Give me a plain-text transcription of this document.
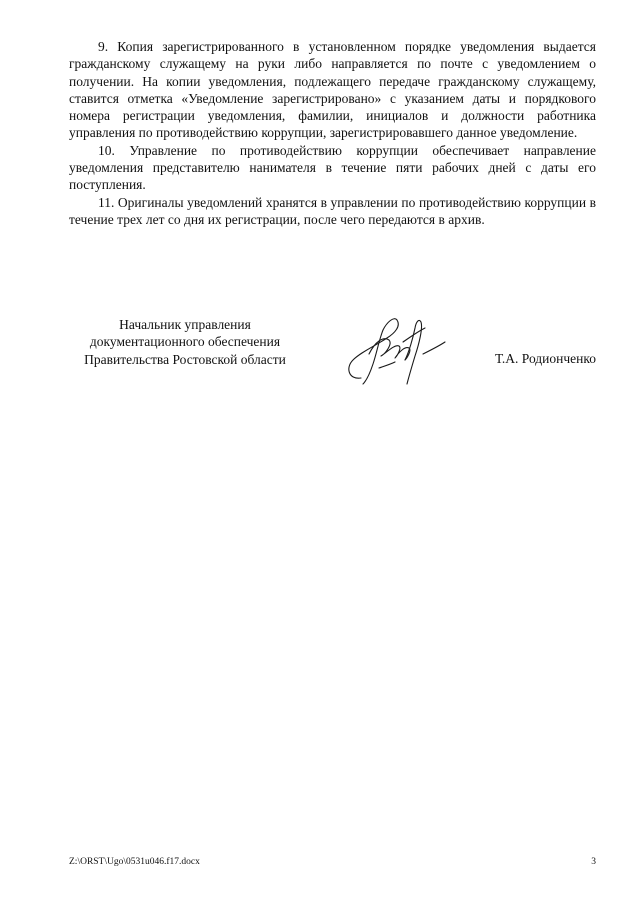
9. Копия зарегистрированного в установленном порядке уведомления выдается гражданскому служащему на руки либо направляется по почте с уведомлением о получении. На копии уведомления, подлежащего передаче гражданскому служащему, ставится отметка «Уведомление зарегистрировано» с указанием даты и порядкового номера регистрации уведомления, фамилии, инициалов и должности работника управления по противодействию коррупции, зарегистрировавшего данное уведомление.

10. Управление по противодействию коррупции обеспечивает направление уведомления представителю нанимателя в течение пяти рабочих дней с даты его поступления.

11. Оригиналы уведомлений хранятся в управлении по противодействию коррупции в течение трех лет со дня их регистрации, после чего передаются в архив.

Начальник управления
документационного обеспечения
Правительства Ростовской области	Т.А. Родионченко
Z:\ORST\Ugo\0531u046.f17.docx	3
